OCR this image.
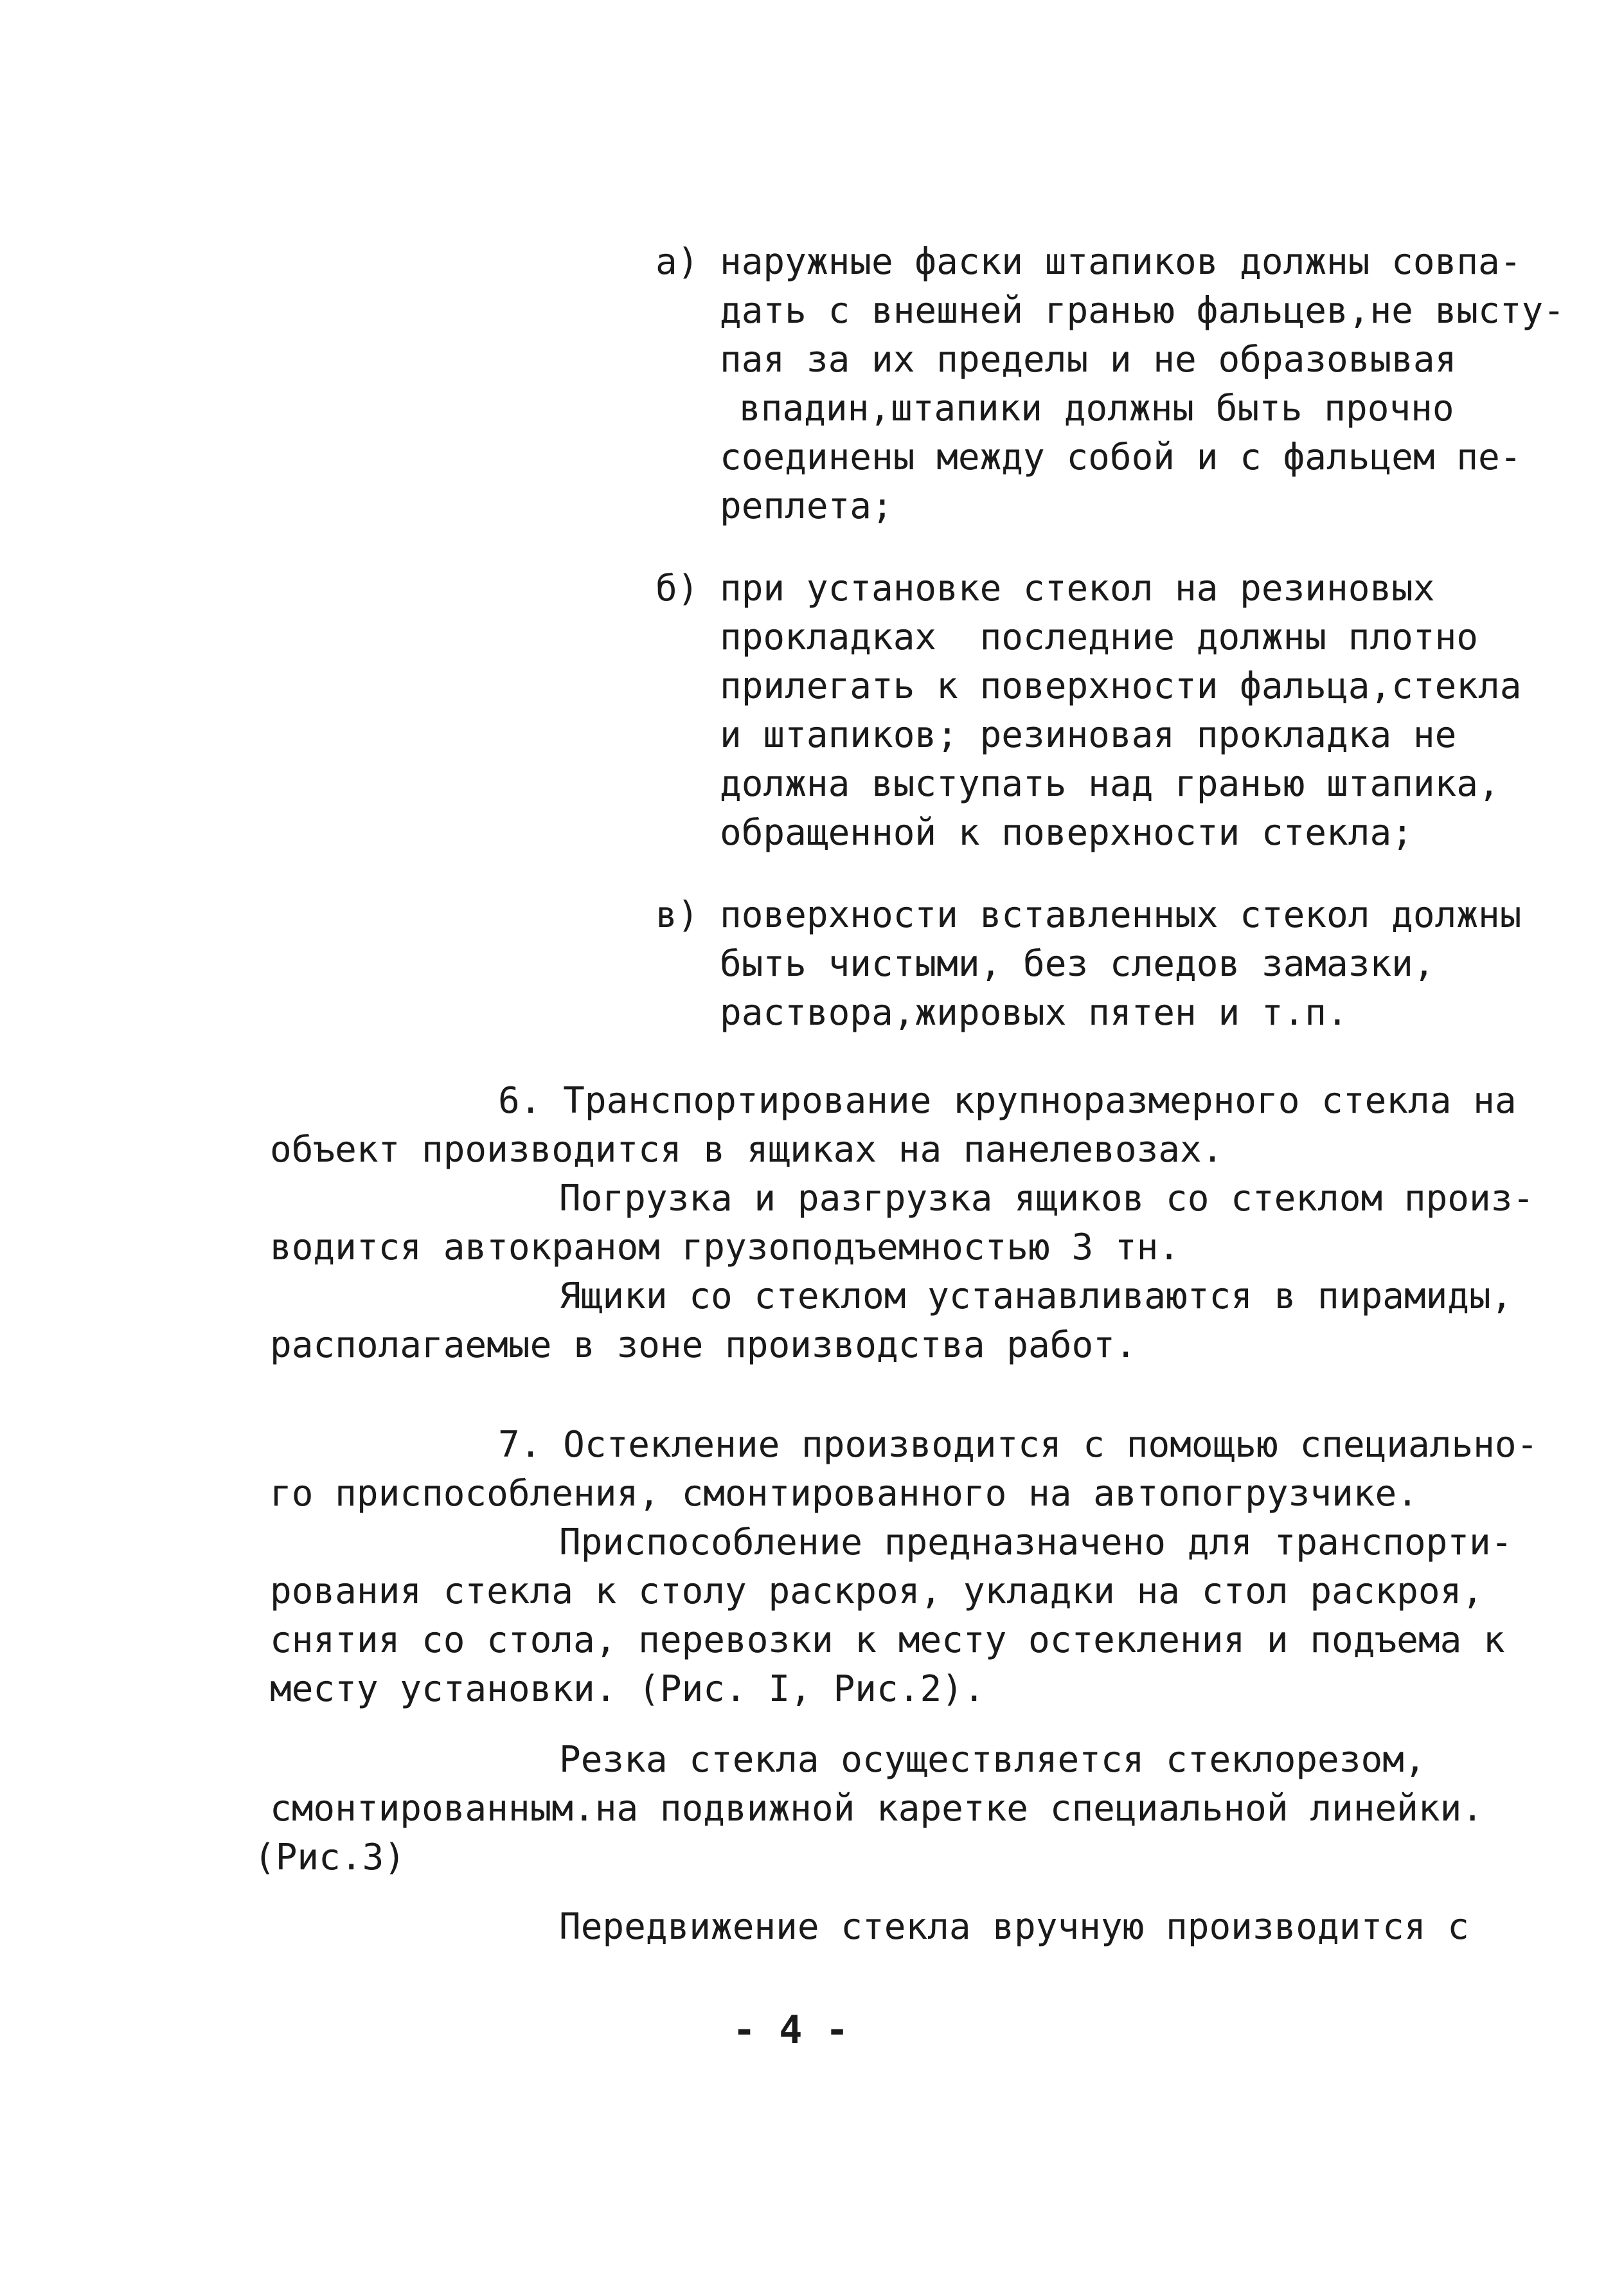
а) наружные фаски штапиков должны совпа-
дать с внешней гранью фальцев,не высту-
пая за их пределы и не образовывая
впадин,штапики должны быть прочно
соединены между собой и с фальцем пе-
реплета;
б) при установке стекол на резиновых
прокладках  последние должны плотно
прилегать к поверхности фальца,стекла
и штапиков; резиновая прокладка не
должна выступать над гранью штапика,
обращенной к поверхности стекла;
в) поверхности вставленных стекол должны
быть чистыми, без следов замазки,
раствора,жировых пятен и т.п.
6. Транспортирование крупноразмерного стекла на
объект производится в ящиках на панелевозах.
Погрузка и разгрузка ящиков со стеклом произ-
водится автокраном грузоподъемностью 3 тн.
Ящики со стеклом устанавливаются в пирамиды,
располагаемые в зоне производства работ.
7. Остекление производится с помощью специально-
го приспособления, смонтированного на автопогрузчике.
Приспособление предназначено для транспорти-
рования стекла к столу раскроя, укладки на стол раскроя,
снятия со стола, перевозки к месту остекления и подъема к
месту установки. (Рис. I, Рис.2).
Резка стекла осуществляется стеклорезом,
смонтированным.на подвижной каретке специальной линейки.
(Рис.3)
Передвижение стекла вручную производится с
- 4 -
